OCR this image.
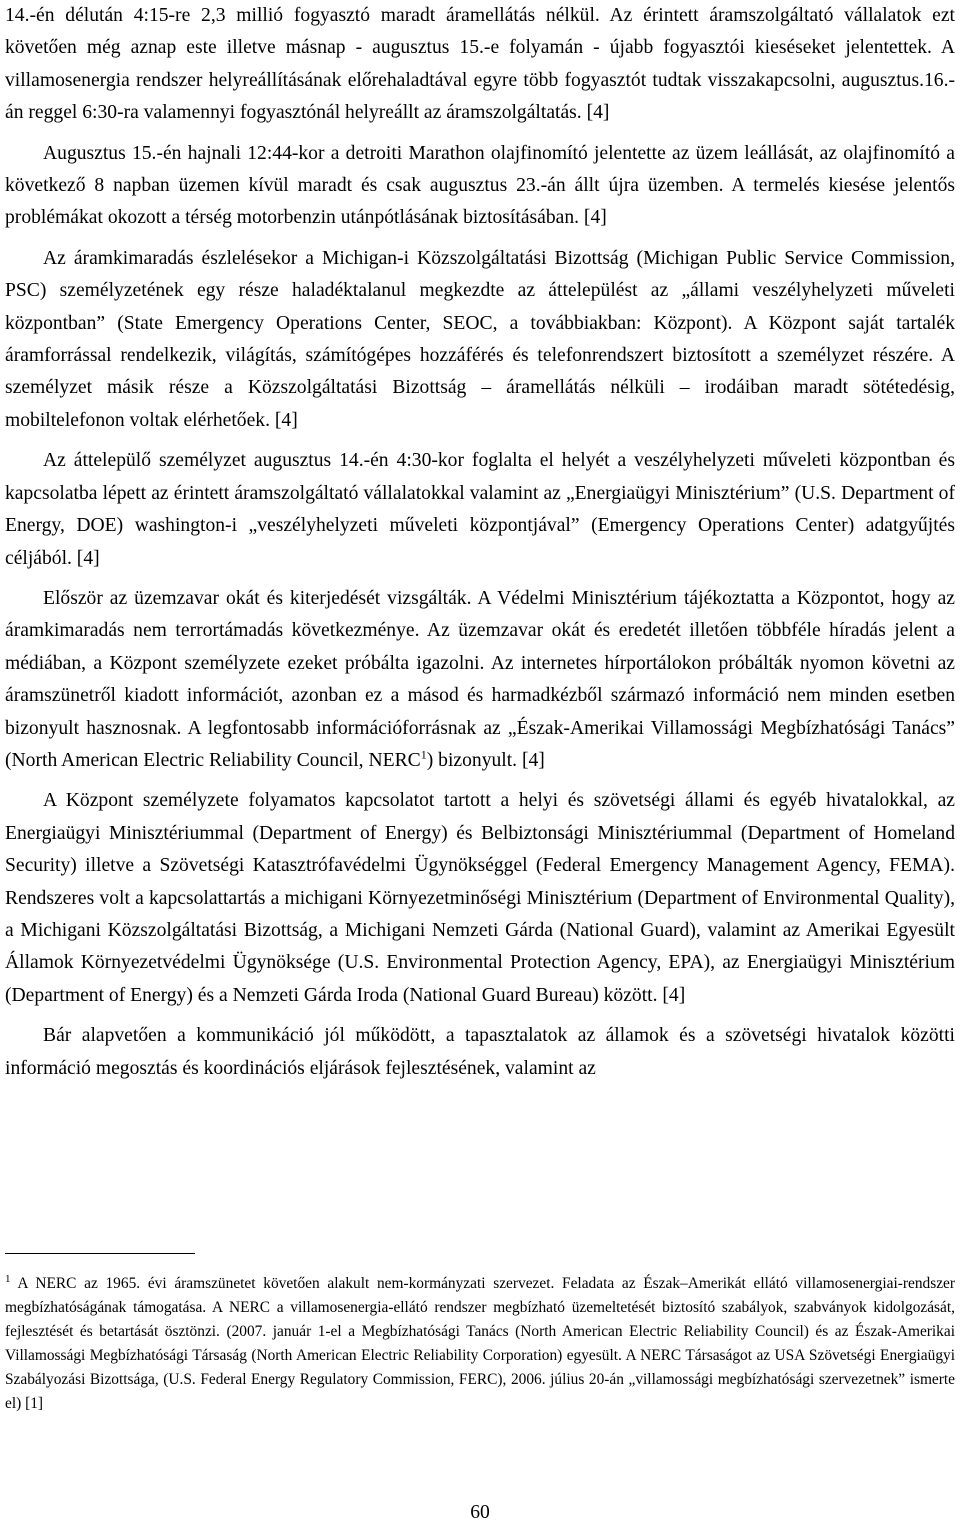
14.-én délután 4:15-re 2,3 millió fogyasztó maradt áramellátás nélkül. Az érintett áramszolgáltató vállalatok ezt követően még aznap este illetve másnap - augusztus 15.-e folyamán - újabb fogyasztói kieséseket jelentettek. A villamosenergia rendszer helyreállításának előrehaladtával egyre több fogyasztót tudtak visszakapcsolni, augusztus.16.-án reggel 6:30-ra valamennyi fogyasztónál helyreállt az áramszolgáltatás. [4]

Augusztus 15.-én hajnali 12:44-kor a detroiti Marathon olajfinomító jelentette az üzem leállását, az olajfinomító a következő 8 napban üzemen kívül maradt és csak augusztus 23.-án állt újra üzemben. A termelés kiesése jelentős problémákat okozott a térség motorbenzin utánpótlásának biztosításában. [4]

Az áramkimaradás észlelésekor a Michigan-i Közszolgáltatási Bizottság (Michigan Public Service Commission, PSC) személyzetének egy része haladéktalanul megkezdte az áttelepülést az „állami veszélyhelyzeti műveleti központban” (State Emergency Operations Center, SEOC, a továbbiakban: Központ). A Központ saját tartalék áramforrással rendelkezik, világítás, számítógépes hozzáférés és telefonrendszert biztosított a személyzet részére. A személyzet másik része a Közszolgáltatási Bizottság – áramellátás nélküli – irodáiban maradt sötétedésig, mobiltelefonon voltak elérhetőek. [4]

Az áttelepülő személyzet augusztus 14.-én 4:30-kor foglalta el helyét a veszélyhelyzeti műveleti központban és kapcsolatba lépett az érintett áramszolgáltató vállalatokkal valamint az „Energiaügyi Minisztérium” (U.S. Department of Energy, DOE) washington-i „veszélyhelyzeti műveleti központjával” (Emergency Operations Center) adatgyűjtés céljából. [4]

Először az üzemzavar okát és kiterjedését vizsgálták. A Védelmi Minisztérium tájékoztatta a Központot, hogy az áramkimaradás nem terrortámadás következménye. Az üzemzavar okát és eredetét illetően többféle híradás jelent a médiában, a Központ személyzete ezeket próbálta igazolni. Az internetes hírportálokon próbálták nyomon követni az áramszünetről kiadott információt, azonban ez a másod és harmadkézből származó információ nem minden esetben bizonyult hasznosnak. A legfontosabb információforrásnak az „Észak-Amerikai Villamossági Megbízhatósági Tanács” (North American Electric Reliability Council, NERC$^1$) bizonyult. [4]

A Központ személyzete folyamatos kapcsolatot tartott a helyi és szövetségi állami és egyéb hivatalokkal, az Energiaügyi Minisztériummal (Department of Energy) és Belbiztonsági Minisztériummal (Department of Homeland Security) illetve a Szövetségi Katasztrófavédelmi Ügynökséggel (Federal Emergency Management Agency, FEMA). Rendszeres volt a kapcsolattartás a michigani Környezetminőségi Minisztérium (Department of Environmental Quality), a Michigani Közszolgáltatási Bizottság, a Michigani Nemzeti Gárda (National Guard), valamint az Amerikai Egyesült Államok Környezetvédelmi Ügynöksége (U.S. Environmental Protection Agency, EPA), az Energiaügyi Minisztérium (Department of Energy) és a Nemzeti Gárda Iroda (National Guard Bureau) között. [4]

Bár alapvetően a kommunikáció jól működött, a tapasztalatok az államok és a szövetségi hivatalok közötti információ megosztás és koordinációs eljárások fejlesztésének, valamint az

$^1$ A NERC az 1965. évi áramszünetet követően alakult nem-kormányzati szervezet. Feladata az Észak–Amerikát ellátó villamosenergiai-rendszer megbízhatóságának támogatása. A NERC a villamosenergia-ellátó rendszer megbízható üzemeltetését biztosító szabályok, szabványok kidolgozását, fejlesztését és betartását ösztönzi. (2007. január 1-el a Megbízhatósági Tanács (North American Electric Reliability Council) és az Észak-Amerikai Villamossági Megbízhatósági Társaság (North American Electric Reliability Corporation) egyesült. A NERC Társaságot az USA Szövetségi Energiaügyi Szabályozási Bizottsága, (U.S. Federal Energy Regulatory Commission, FERC), 2006. július 20-án „villamossági megbízhatósági szervezetnek” ismerte el) [1]

60
